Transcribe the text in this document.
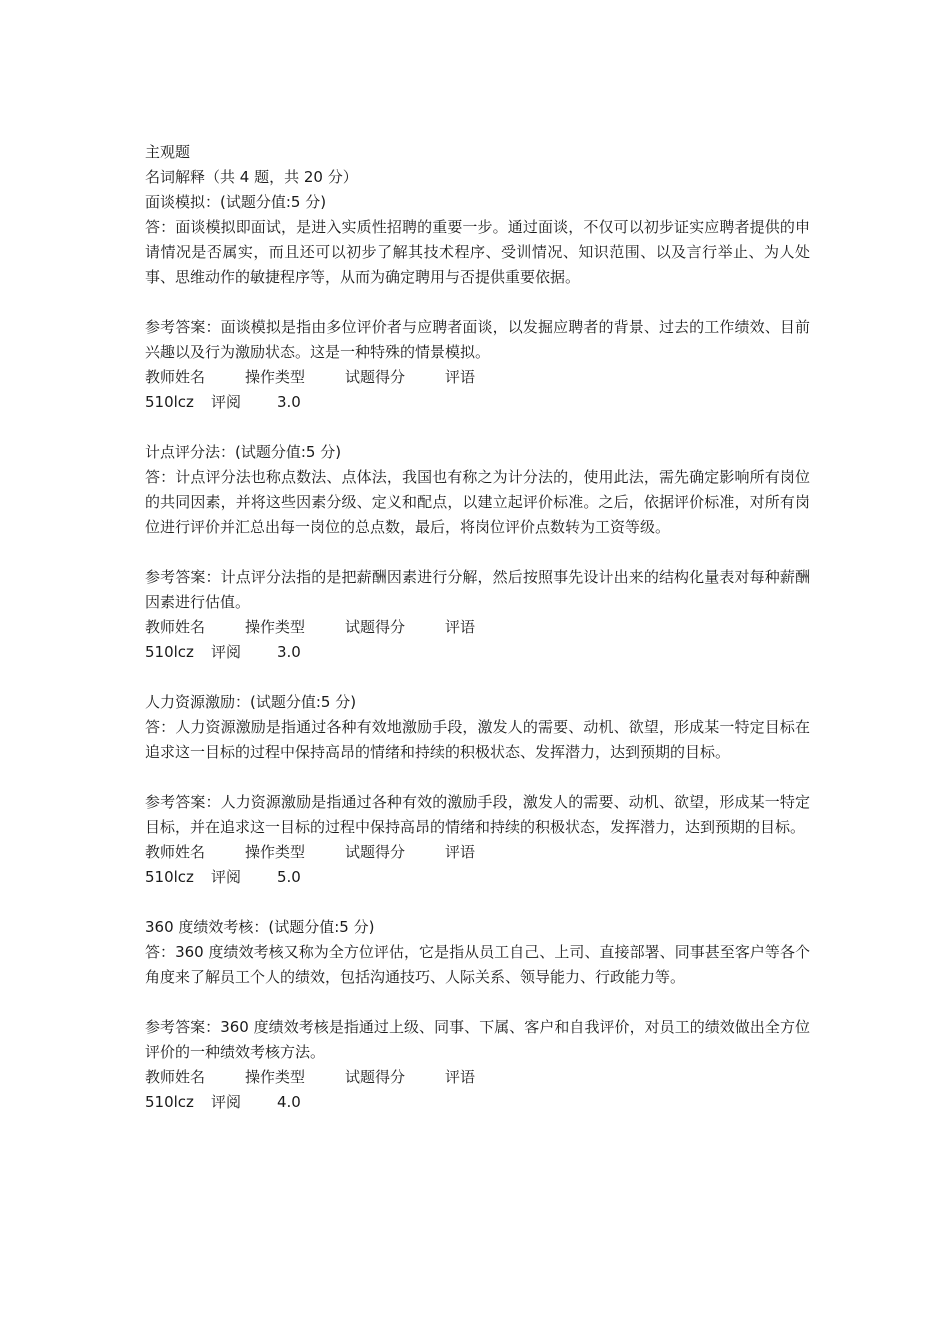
主观题
名词解释（共 4 题，共 20 分）
面谈模拟：(试题分值:5 分)
答：面谈模拟即面试，是进入实质性招聘的重要一步。通过面谈，不仅可以初步证实应聘者提供的申请情况是否属实，而且还可以初步了解其技术程序、受训情况、知识范围、以及言行举止、为人处事、思维动作的敏捷程序等，从而为确定聘用与否提供重要依据。
参考答案：面谈模拟是指由多位评价者与应聘者面谈，以发掘应聘者的背景、过去的工作绩效、目前兴趣以及行为激励状态。这是一种特殊的情景模拟。
教师姓名	操作类型	试题得分	评语
510lcz	评阅	3.0
计点评分法：(试题分值:5 分)
答：计点评分法也称点数法、点体法，我国也有称之为计分法的，使用此法，需先确定影响所有岗位的共同因素，并将这些因素分级、定义和配点，以建立起评价标准。之后，依据评价标准，对所有岗位进行评价并汇总出每一岗位的总点数，最后，将岗位评价点数转为工资等级。
参考答案：计点评分法指的是把薪酬因素进行分解，然后按照事先设计出来的结构化量表对每种薪酬因素进行估值。
教师姓名	操作类型	试题得分	评语
510lcz	评阅	3.0
人力资源激励：(试题分值:5 分)
答：人力资源激励是指通过各种有效地激励手段，激发人的需要、动机、欲望，形成某一特定目标在追求这一目标的过程中保持高昂的情绪和持续的积极状态、发挥潜力，达到预期的目标。
参考答案：人力资源激励是指通过各种有效的激励手段，激发人的需要、动机、欲望，形成某一特定目标，并在追求这一目标的过程中保持高昂的情绪和持续的积极状态，发挥潜力，达到预期的目标。
教师姓名	操作类型	试题得分	评语
510lcz	评阅	5.0
360 度绩效考核：(试题分值:5 分)
答：360 度绩效考核又称为全方位评估，它是指从员工自己、上司、直接部署、同事甚至客户等各个角度来了解员工个人的绩效，包括沟通技巧、人际关系、领导能力、行政能力等。
参考答案：360 度绩效考核是指通过上级、同事、下属、客户和自我评价，对员工的绩效做出全方位评价的一种绩效考核方法。
教师姓名	操作类型	试题得分	评语
510lcz	评阅	4.0
